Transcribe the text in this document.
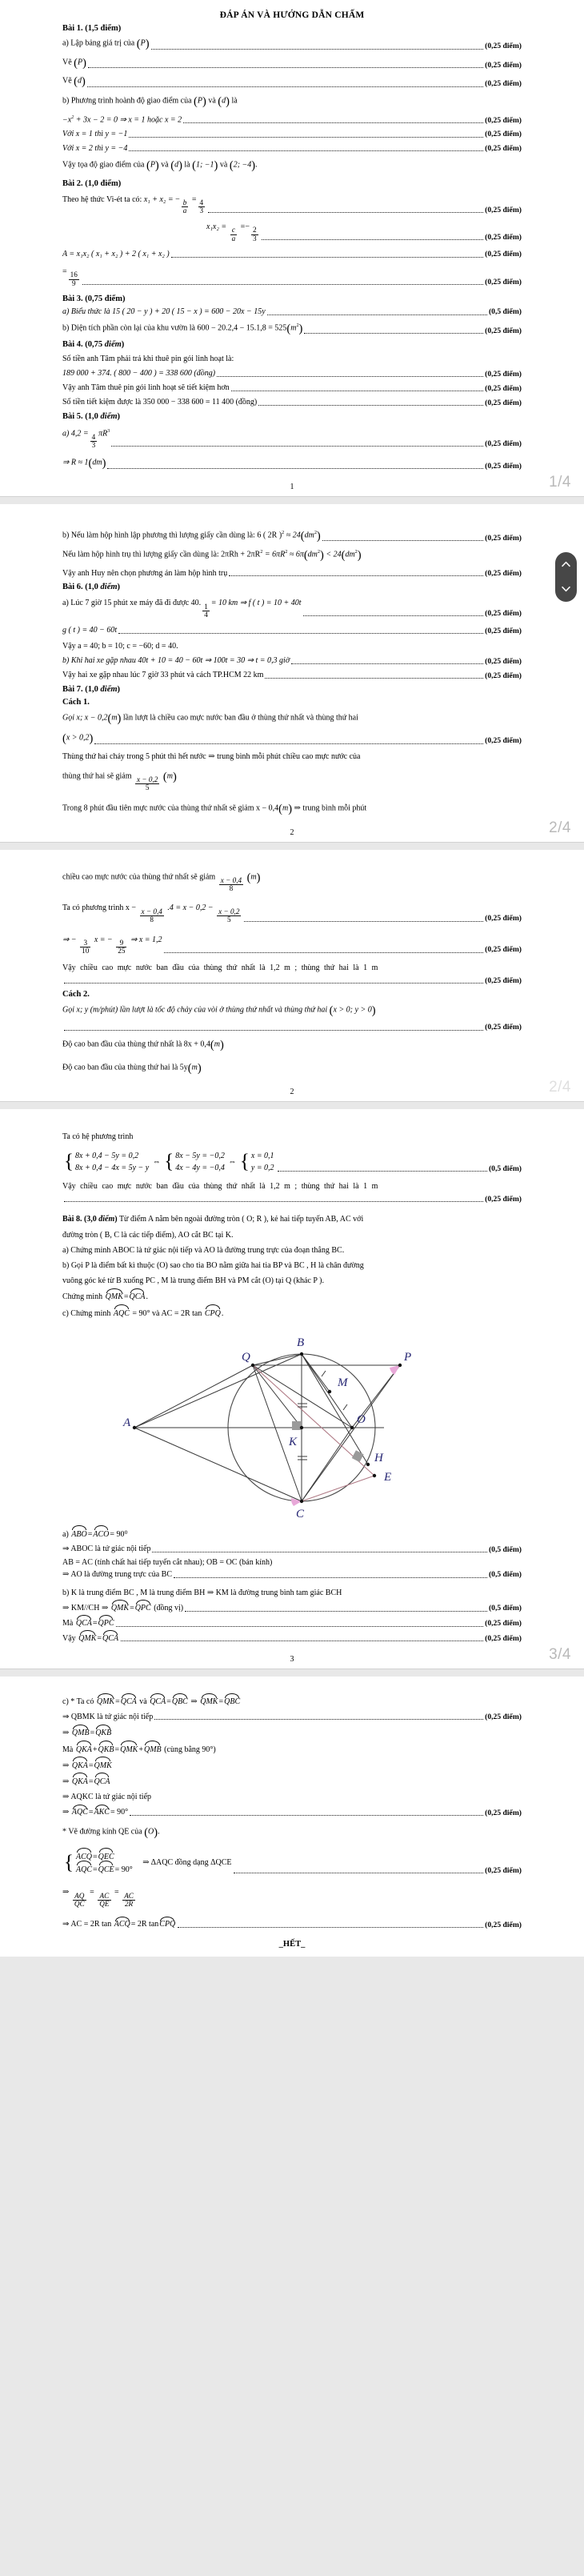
ĐÁP ÁN VÀ HƯỚNG DẪN CHẤM
Bài 1. (1,5 điểm)
a) Lập bảng giá trị của (P)	(0,25 điểm)
Vẽ (P)	(0,25 điểm)
Vẽ (d)	(0,25 điểm)
b) Phương trình hoành độ giao điểm của (P) và (d) là
$-x^2 + 3x - 2 = 0$ ⇒ x = 1 hoặc x = 2	(0,25 điểm)
Với x = 1 thì y = −1	(0,25 điểm)
Với x = 2 thì y = −4	(0,25 điểm)
Vậy tọa độ giao điểm của (P) và (d) là (1; −1) và (2; −4).
Bài 2. (1,0 điểm)
Theo hệ thức Vi-ét ta có: x₁ + x₂ = − $\frac{b}{a} = \frac{4}{3}$	(0,25 điểm)
$x_1x_2 = \frac{c}{a} =- \frac{2}{3}$	(0,25 điểm)
A = x₁x₂ ( x₁ + x₂ ) + 2 ( x₁ + x₂ )	(0,25 điểm)
= $\frac{16}{9}$	(0,25 điểm)
Bài 3. (0,75 điểm)
a) Biểu thức là 15 ( 20 − y ) + 20 ( 15 − x ) = 600 − 20x − 15y	(0,5 điểm)
b) Diện tích phần còn lại của khu vườn là $600 - 20.2,4 - 15.1,8 = 525(m^2)$	(0,25 điểm)
Bài 4. (0,75 điểm)
Số tiền anh Tâm phải trả khi thuê pin gói linh hoạt là:
189 000 + 374. ( 800 − 400 ) = 338 600 (đồng)	(0,25 điểm)
Vậy anh Tâm thuê pin gói linh hoạt sẽ tiết kiệm hơn	(0,25 điểm)
Số tiền tiết kiệm được là 350 000 − 338 600 = 11 400 (đồng)	(0,25 điểm)
Bài 5. (1,0 điểm)
a) $4,2 = \frac{4}{3} \pi R^3$
(0,25 điểm)
⇒ R ≈ 1(dm)	(0,25 điểm)
1	1/4
b) Nếu làm hộp hình lập phương thì lượng giấy cần dùng là: 6 ( 2R )$^2 \approx 24(dm^2)$	(0,25 điểm)
Nếu làm hộp hình trụ thì lượng giấy cần dùng là: $2\pi Rh + 2\pi R^2 = 6\pi R^2 \approx 6\pi(dm^2) < 24(dm^2)$
Vậy anh Huy nên chọn phương án làm hộp hình trụ	(0,25 điểm)
Bài 6. (1,0 điểm)
a) Lúc 7 giờ 15 phút xe máy đã đi được 40. $\frac{1}{4} = 10$ km ⇒ f ( t ) = 10 + 40t
(0,25 điểm)
g ( t ) = 40 − 60t	(0,25 điểm)
Vậy a = 40; b = 10; c = −60; d = 40.
b) Khi hai xe gặp nhau 40t + 10 = 40 − 60t ⇒ 100t = 30 ⇒ t = 0,3 giờ	(0,25 điểm)
Vậy hai xe gặp nhau lúc 7 giờ 33 phút và cách TP.HCM 22 km	(0,25 điểm)
Bài 7. (1,0 điểm)
Cách 1.
Gọi x; x − 0,2(m) lần lượt là chiều cao mực nước ban đầu ở thùng thứ nhất và thùng thứ hai
(x > 0,2)	(0,25 điểm)
Thùng thứ hai chảy trong 5 phút thì hết nước ⇒ trung bình mỗi phút chiều cao mực nước của
thùng thứ hai sẽ giảm $\frac{x - 0,2}{5} (m)$
Trong 8 phút đầu tiên mực nước của thùng thứ nhất sẽ giảm x − 0,4(m) ⇒ trung bình mỗi phút
2	2/4
chiều cao mực nước của thùng thứ nhất sẽ giảm $\frac{x - 0,4}{8} (m)$
Ta có phương trình $x - \frac{x - 0,4}{8} .4 = x - 0,2 - \frac{x - 0,2}{5}$	(0,25 điểm)
⇒ − $\frac{3}{10}$ x = − $\frac{9}{25}$ ⇒ x = 1,2
(0,25 điểm)
Vậy chiều cao mực nước ban đầu của thùng thứ nhất là 1,2 m ; thùng thứ hai là 1 m
(0,25 điểm)
Cách 2.
Gọi x; y (m/phút) lần lượt là tốc độ chảy của vòi ở thùng thứ nhất và thùng thứ hai (x > 0; y > 0)
(0,25 điểm)
Độ cao ban đầu của thùng thứ nhất là 8x + 0,4(m)
Độ cao ban đầu của thùng thứ hai là 5y(m)
2	2/4
Ta có hệ phương trình
{ 8x + 0,4 − 5y = 0,2
8x + 0,4 − 4x = 5y − y
⇔ { 8x − 5y = −0,2
4x − 4y = −0,4
⇔ { x = 0,1
y = 0,2	(0,5 điểm)
Vậy chiều cao mực nước ban đầu của thùng thứ nhất là 1,2 m ; thùng thứ hai là 1 m
(0,25 điểm)
Bài 8. (3,0 điểm) Từ điểm A nằm bên ngoài đường tròn ( O; R ), kẻ hai tiếp tuyến AB, AC với
đường tròn ( B, C là các tiếp điểm), AO cắt BC tại K.
a) Chứng minh ABOC là tứ giác nội tiếp và AO là đường trung trực của đoạn thẳng BC.
b) Gọi P là điểm bất kì thuộc (O) sao cho tia BO nằm giữa hai tia BP và BC , H là chân đường
vuông góc kẻ từ B xuống PC , M là trung điểm BH và PM cắt (O) tại Q (khác P ).
Chứng minh QMK=QCA.
c) Chứng minh AQC = 90° và AC = 2R tan CPQ.
A
B
C
O
K
M
P
Q
H
E
a) ABO=ACO= 90⁰
⇒ ABOC là tứ giác nội tiếp	(0,5 điểm)
AB = AC (tính chất hai tiếp tuyến cắt nhau); OB = OC (bán kính)
⇒ AO là đường trung trực của BC	(0,5 điểm)
b) K là trung điểm BC , M là trung điểm BH ⇒ KM là đường trung bình tam giác BCH
⇒ KM//CH ⇒ QMK=QPC (đồng vị)	(0,5 điểm)
Mà QCA=QPC	(0,25 điểm)
Vậy QMK=QCA	(0,25 điểm)
3	3/4
c) * Ta có QMK=QCA và QCA=QBC ⇒ QMK=QBC
⇒ QBMK là tứ giác nội tiếp	(0,25 điểm)
⇒ QMB=QKB
Mà QKA+QKB=QMK+QMB (cùng bằng 90°)
⇒ QKA=QMK
⇒ QKA=QCA
⇒ AQKC là tứ giác nội tiếp
⇒ AQC=AKC= 90°	(0,25 điểm)
* Vẽ đường kính QE của (O).
{ ACQ=QEC
AQC=QCE= 90°
⇒ ΔAQC đồng dạng ΔQCE
(0,25 điểm)
⇒ $\frac{AQ}{QC} = \frac{AC}{QE} = \frac{AC}{2R}$
⇒ AC = 2R tan ACQ= 2R tanCPQ	(0,25 điểm)
_HẾT_
